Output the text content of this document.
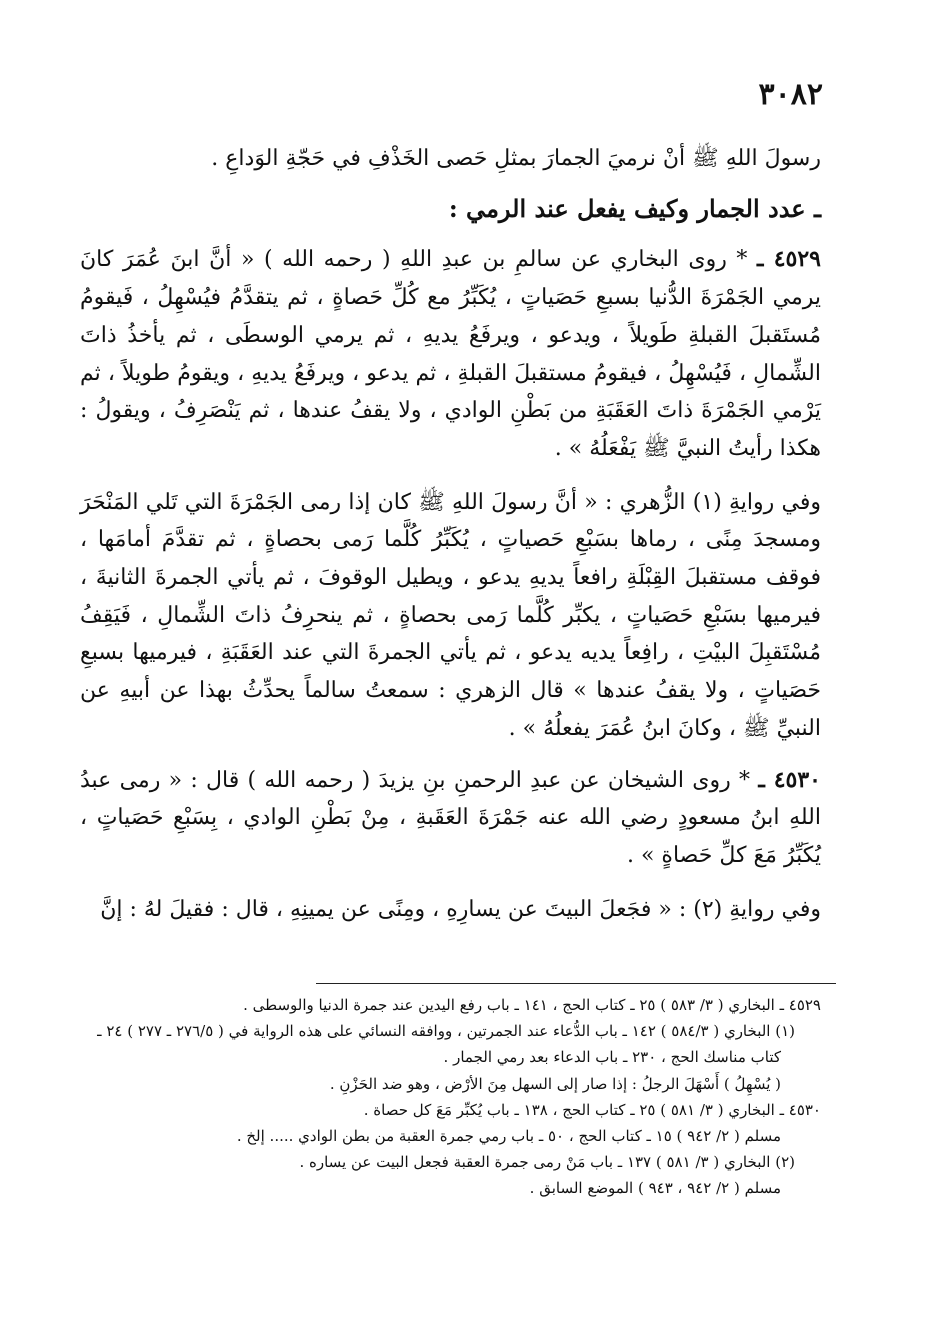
٣٠٨٢

رسولَ اللهِ ﷺ أنْ نرميَ الجمارَ بمثلِ حَصى الخَذْفِ في حَجّةِ الوَداعِ .

ـ عدد الجمار وكيف يفعل عند الرمي :

٤٥٢٩ ـ * روى البخاري عن سالمِ بن عبدِ اللهِ ( رحمه الله ) « أنَّ ابنَ عُمَرَ كانَ يرمي الجَمْرَةَ الدُّنيا بسبعِ حَصَياتٍ ، يُكَبِّرُ مع كُلِّ حَصاةٍ ، ثم يتقدَّمُ فيُسْهِلُ ، فَيقومُ مُستَقبلَ القبلةِ طَويلاً ، ويدعو ، ويرفَعُ يديهِ ، ثم يرمي الوسطَى ، ثم يأخذُ ذاتَ الشِّمالِ ، فَيُسْهِلُ ، فيقومُ مستقبلَ القبلةِ ، ثم يدعو ، ويرفَعُ يديهِ ، ويقومُ طويلاً ، ثم يَرْمي الجَمْرَةَ ذاتَ العَقَبَةِ من بَطْنِ الوادي ، ولا يقفُ عندها ، ثم يَنْصَرِفُ ، ويقولُ : هكذا رأيتُ النبيَّ ﷺ يَفْعَلُهُ » .

وفي روايةِ (١) الزُّهري : « أنَّ رسولَ اللهِ ﷺ كان إذا رمى الجَمْرَةَ التي تَلي المَنْحَرَ ومسجدَ مِنًى ، رماها بسَبْعِ حَصياتٍ ، يُكَبِّرُ كُلَّما رَمى بحصاةٍ ، ثم تقدَّمَ أمامَها ، فوقف مستقبلَ القِبْلَةِ رافعاً يديهِ يدعو ، ويطيل الوقوفَ ، ثم يأتي الجمرةَ الثانيةَ ، فيرميها بسَبْعِ حَصَياتٍ ، يكبِّر كُلَّما رَمى بحصاةٍ ، ثم ينحرِفُ ذاتَ الشِّمالِ ، فَيَقِفُ مُسْتَقبِلَ البيْتِ ، رافِعاً يديه يدعو ، ثم يأتي الجمرةَ التي عند العَقَبَةِ ، فيرميها بسبعِ حَصَياتٍ ، ولا يقفُ عندها » قال الزهري : سمعتُ سالماً يحدِّثُ بهذا عن أبيهِ عن النبيِّ ﷺ ، وكانَ ابنُ عُمَرَ يفعلُهُ » .

٤٥٣٠ ـ * روى الشيخان عن عبدِ الرحمنِ بنِ يزيدَ ( رحمه الله ) قال : « رمى عبدُ اللهِ ابنُ مسعودٍ رضي الله عنه جَمْرَةَ العَقَبةِ ، مِنْ بَطْنِ الوادي ، بِسَبْعِ حَصَياتٍ ، يُكَبِّرُ مَعَ كلِّ حَصاةٍ » .

وفي روايةِ (٢) : « فجَعلَ البيتَ عن يسارِهِ ، ومِنًى عن يمينِهِ ، قال : فقيلَ لهُ : إنَّ

٤٥٢٩ ـ البخاري ( ٣/ ٥٨٣ ) ٢٥ ـ كتاب الحج ، ١٤١ ـ باب رفع اليدين عند جمرة الدنيا والوسطى .

(١) البخاري ( ٥٨٤/٣ ) ١٤٢ ـ باب الدُّعاء عند الجمرتين ، ووافقه النسائي على هذه الرواية في ( ٢٧٦/٥ ـ ٢٧٧ ) ٢٤ ـ

كتاب مناسك الحج ، ٢٣٠ ـ باب الدعاء بعد رمي الجمار .

( يُسْهِلُ ) أَسْهَلَ الرجلُ : إذا صار إلى السهل مِنَ الأرْض ، وهو ضد الحَزْنِ .

٤٥٣٠ ـ البخاري ( ٣/ ٥٨١ ) ٢٥ ـ كتاب الحج ، ١٣٨ ـ باب يُكبِّر مَعَ كل حصاة .

مسلم ( ٢/ ٩٤٢ ) ١٥ ـ كتاب الحج ، ٥٠ ـ باب رمي جمرة العقبة من بطن الوادي ..... إلخ .

(٢) البخاري ( ٣/ ٥٨١ ) ١٣٧ ـ باب مَنْ رمى جمرة العقبة فجعل البيت عن يساره .

مسلم ( ٢/ ٩٤٢ ، ٩٤٣ ) الموضع السابق .
